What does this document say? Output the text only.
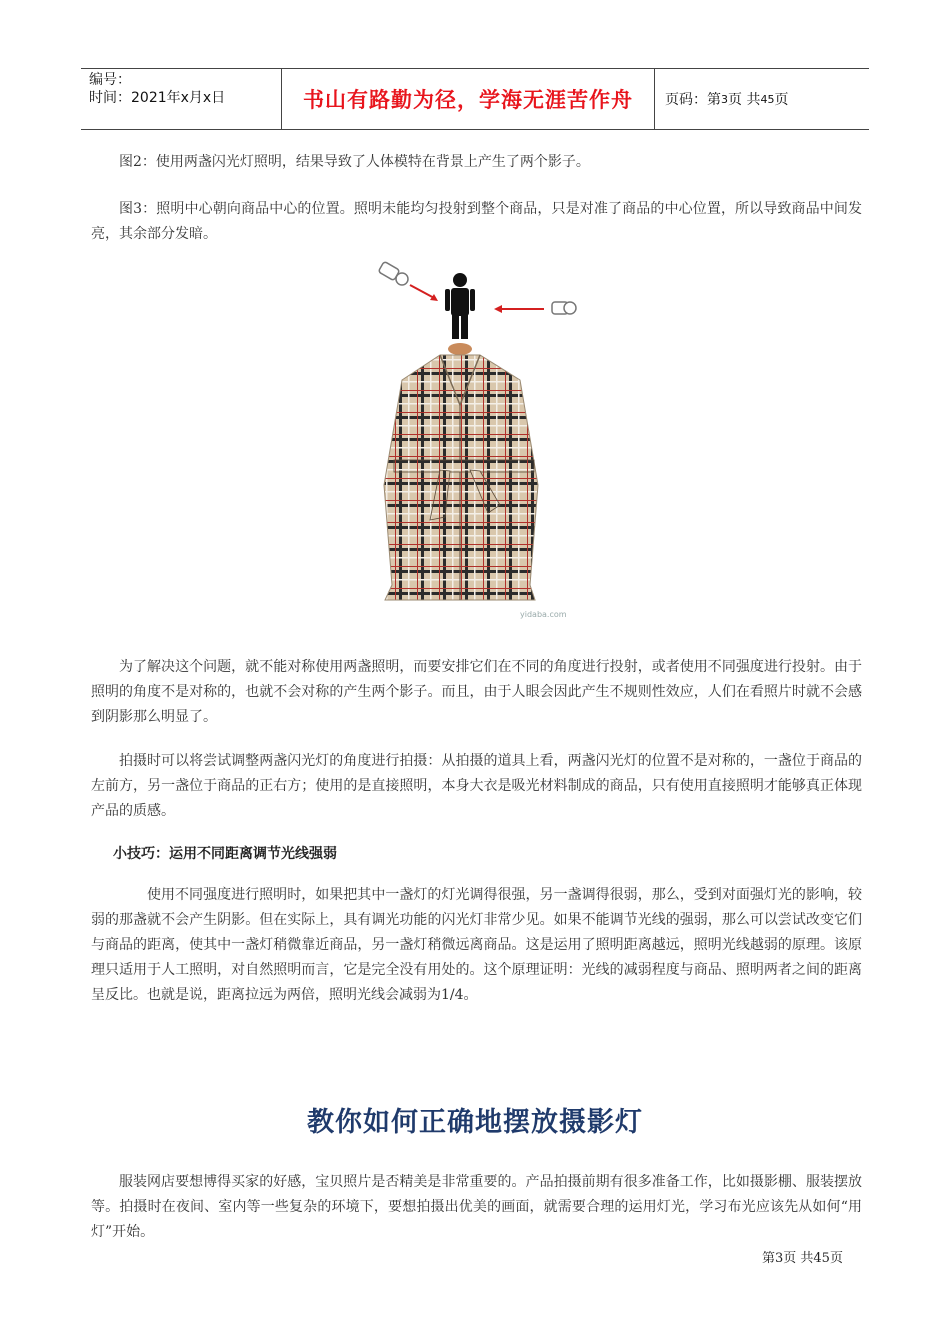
编号：
时间：2021年x月x日	书山有路勤为径，学海无涯苦作舟	页码：第 3 页 共 45 页

图2：使用两盏闪光灯照明，结果导致了人体模特在背景上产生了两个影子。

图3：照明中心朝向商品中心的位置。照明未能均匀投射到整个商品，只是对准了商品的中心位置，所以导致商品中间发亮，其余部分发暗。

yidaba.com

为了解决这个问题，就不能对称使用两盏照明，而要安排它们在不同的角度进行投射，或者使用不同强度进行投射。由于照明的角度不是对称的，也就不会对称的产生两个影子。而且，由于人眼会因此产生不规则性效应，人们在看照片时就不会感到阴影那么明显了。

拍摄时可以将尝试调整两盏闪光灯的角度进行拍摄：从拍摄的道具上看，两盏闪光灯的位置不是对称的，一盏位于商品的左前方，另一盏位于商品的正右方；使用的是直接照明，本身大衣是吸光材料制成的商品，只有使用直接照明才能够真正体现产品的质感。

小技巧：运用不同距离调节光线强弱

使用不同强度进行照明时，如果把其中一盏灯的灯光调得很强，另一盏调得很弱，那么，受到对面强灯光的影响，较弱的那盏就不会产生阴影。但在实际上，具有调光功能的闪光灯非常少见。如果不能调节光线的强弱，那么可以尝试改变它们与商品的距离，使其中一盏灯稍微靠近商品，另一盏灯稍微远离商品。这是运用了照明距离越远，照明光线越弱的原理。该原理只适用于人工照明，对自然照明而言，它是完全没有用处的。这个原理证明：光线的减弱程度与商品、照明两者之间的距离呈反比。也就是说，距离拉远为两倍，照明光线会减弱为1/4。

教你如何正确地摆放摄影灯

服装网店要想博得买家的好感，宝贝照片是否精美是非常重要的。产品拍摄前期有很多准备工作，比如摄影棚、服装摆放等。拍摄时在夜间、室内等一些复杂的环境下，要想拍摄出优美的画面，就需要合理的运用灯光，学习布光应该先从如何“用灯”开始。

第3页 共45页
